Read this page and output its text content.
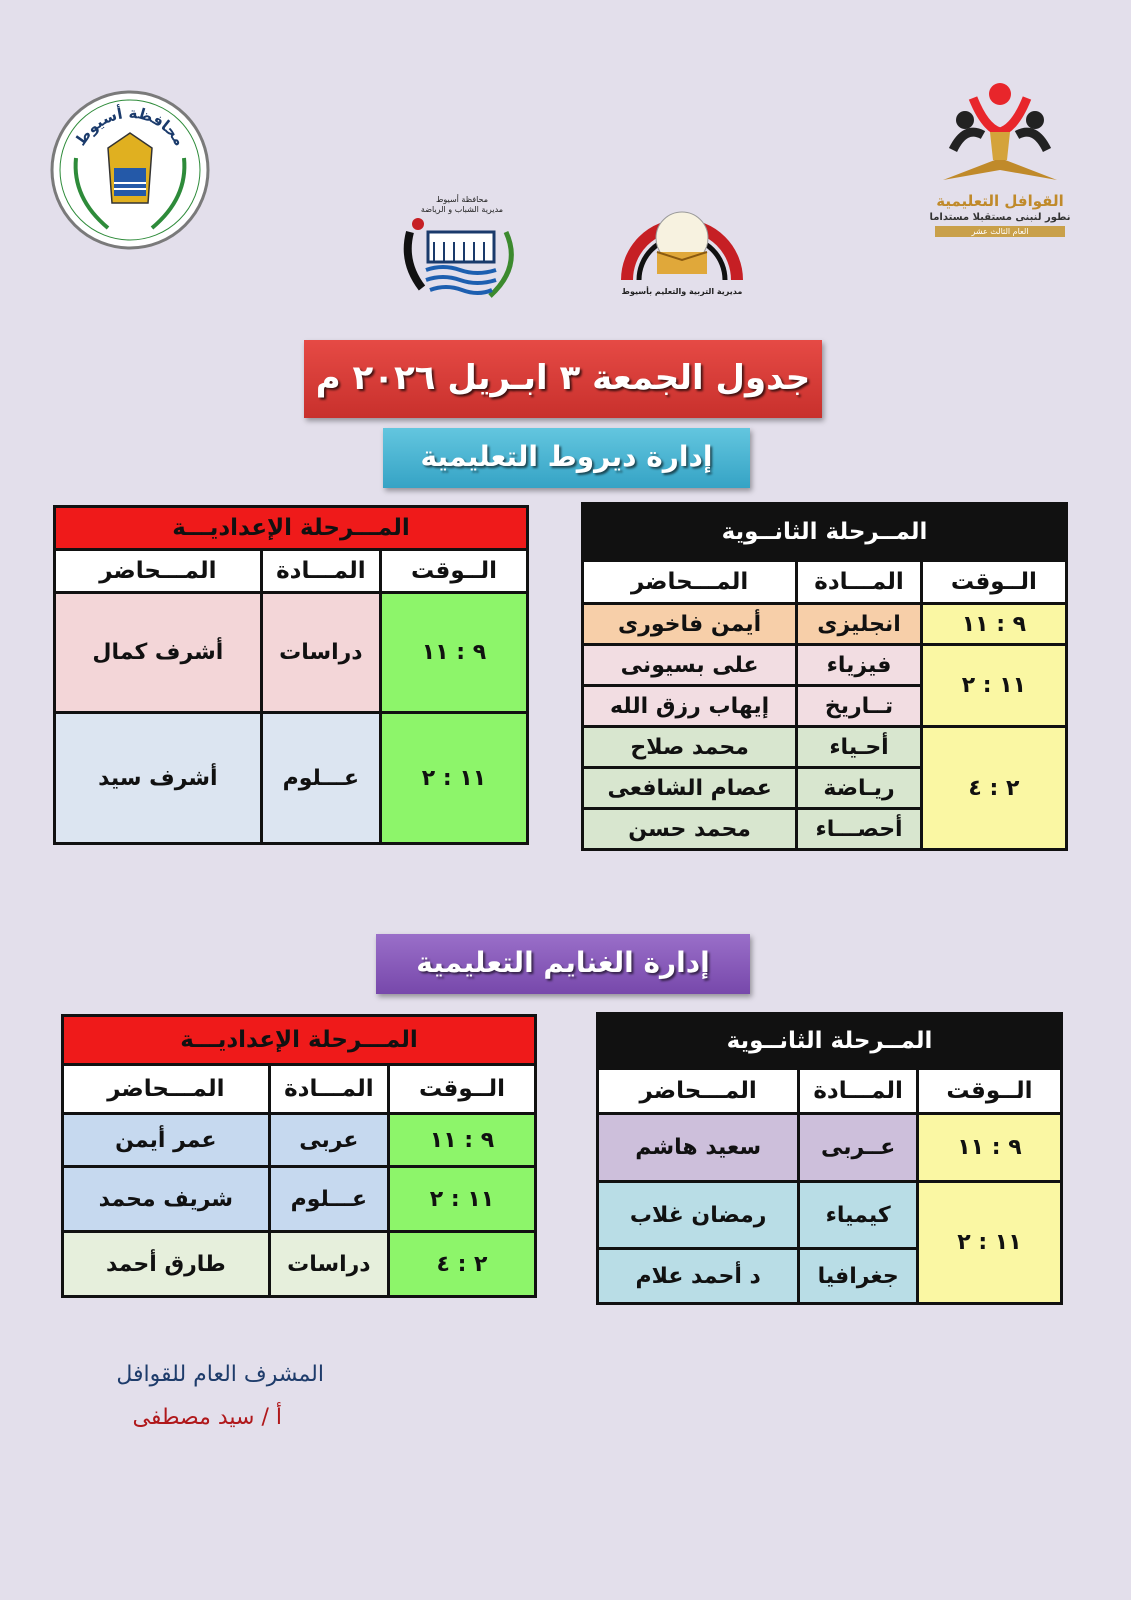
القوافل التعليمية
نطور لنبنى مستقبلا مستداما
العام الثالث عشر
محافظة أسيوط
مديرية التربية والتعليم بأسيوط
محافظة أسيوط
مديرية الشباب و الرياضة
جدول الجمعة ٣ ابـريل ٢٠٢٦ م
إدارة ديروط التعليمية
المــرحلة الثانــوية		
الــوقت	المـــادة	المـــحاضر
٩ : ١١	انجليزى	أيمن فاخورى
١١ : ٢	فيزياء	على بسيونى
	تــاريخ	إيهاب رزق الله
٢ : ٤	أحـياء	محمد صلاح
	ريـاضة	عصام الشافعى
	أحصـــاء	محمد حسن
المـــرحلة الإعداديـــة		
الــوقت	المـــادة	المـــحاضر
٩ : ١١	دراسات	أشرف كمال
١١ : ٢	عـــلوم	أشرف سيد
إدارة الغنايم التعليمية
المــرحلة الثانــوية		
الــوقت	المـــادة	المـــحاضر
٩ : ١١	عــربى	سعيد هاشم
١١ : ٢	كيمياء	رمضان غلاب
	جغرافيا	د أحمد علام
المـــرحلة الإعداديـــة		
الــوقت	المـــادة	المـــحاضر
٩ : ١١	عربى	عمر أيمن
١١ : ٢	عـــلوم	شريف محمد
٢ : ٤	دراسات	طارق أحمد
المشرف العام للقوافل
أ / سيد مصطفى
